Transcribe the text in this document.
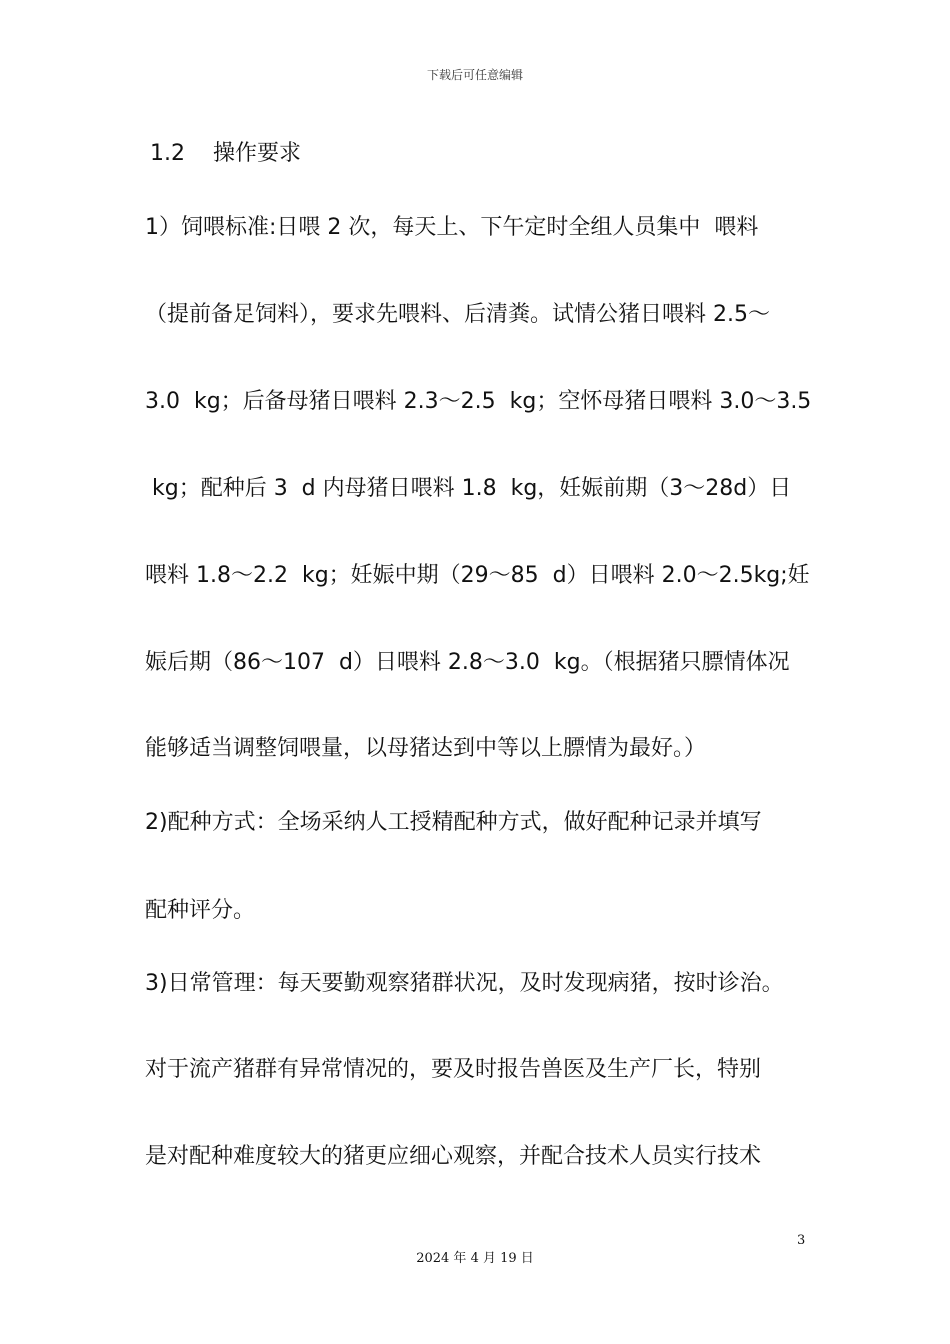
下载后可任意编辑
1.2    操作要求
1）饲喂标准:日喂 2 次，每天上、下午定时全组人员集中  喂料
（提前备足饲料），要求先喂料、后清粪。试情公猪日喂料 2.5～
3.0  kg；后备母猪日喂料 2.3～2.5  kg；空怀母猪日喂料 3.0～3.5
kg；配种后 3  d 内母猪日喂料 1.8  kg，妊娠前期（3～28d）日
喂料 1.8～2.2  kg；妊娠中期（29～85  d）日喂料 2.0～2.5kg;妊
娠后期（86～107  d）日喂料 2.8～3.0  kg。（根据猪只膘情体况
能够适当调整饲喂量，以母猪达到中等以上膘情为最好。）
2)配种方式：全场采纳人工授精配种方式，做好配种记录并填写
配种评分。
3)日常管理：每天要勤观察猪群状况，及时发现病猪，按时诊治。
对于流产猪群有异常情况的，要及时报告兽医及生产厂长，特别
是对配种难度较大的猪更应细心观察，并配合技术人员实行技术
3
2024 年 4 月 19 日
